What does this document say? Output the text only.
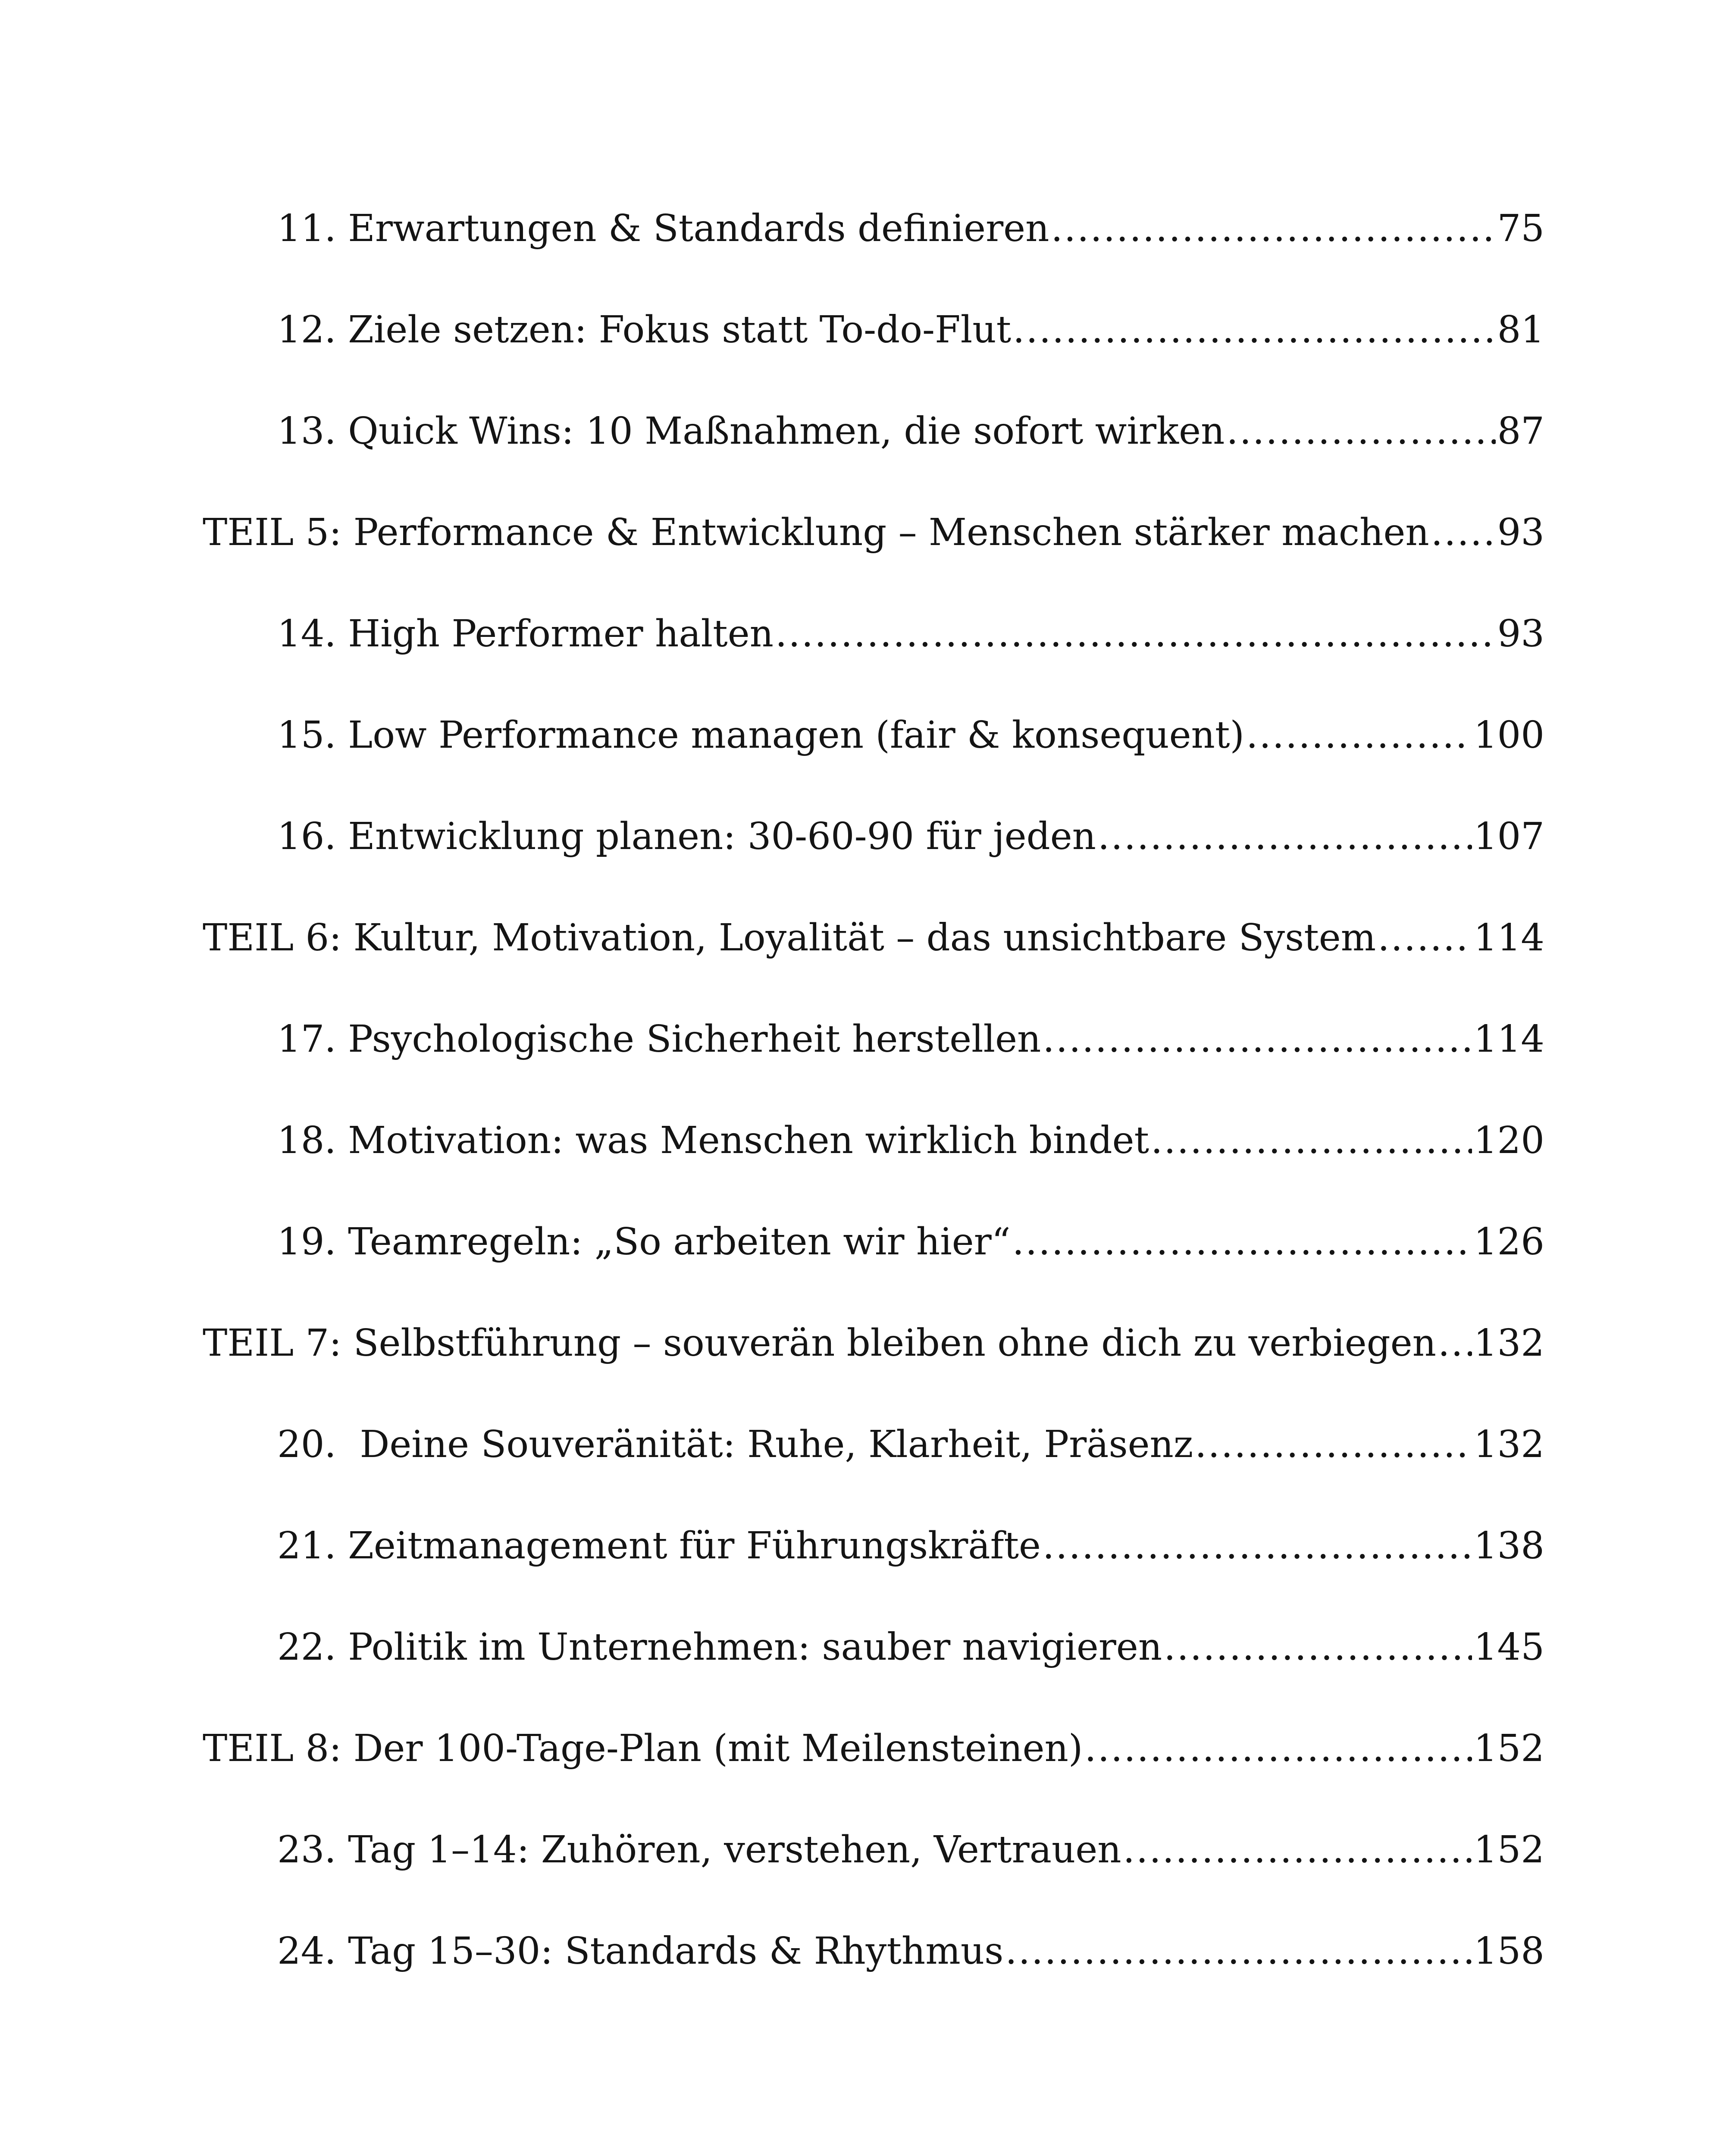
11. Erwartungen & Standards definieren .....	75
12. Ziele setzen: Fokus statt To-do-Flut .....	81
13. Quick Wins: 10 Maßnahmen, die sofort wirken .....	87
TEIL 5: Performance & Entwicklung – Menschen stärker machen ..... 93
14. High Performer halten .....	93
15. Low Performance managen (fair & konsequent) .....	100
16. Entwicklung planen: 30-60-90 für jeden .....	107
TEIL 6: Kultur, Motivation, Loyalität – das unsichtbare System .....	114
17. Psychologische Sicherheit herstellen .....	114
18. Motivation: was Menschen wirklich bindet .....	120
19. Teamregeln: „So arbeiten wir hier“ .....	126
TEIL 7: Selbstführung – souverän bleiben ohne dich zu verbiegen ..... 132
20.  Deine Souveränität: Ruhe, Klarheit, Präsenz .....	132
21. Zeitmanagement für Führungskräfte .....	138
22. Politik im Unternehmen: sauber navigieren .....	145
TEIL 8: Der 100-Tage-Plan (mit Meilensteinen) .....	152
23. Tag 1–14: Zuhören, verstehen, Vertrauen .....	152
24. Tag 15–30: Standards & Rhythmus .....	158
